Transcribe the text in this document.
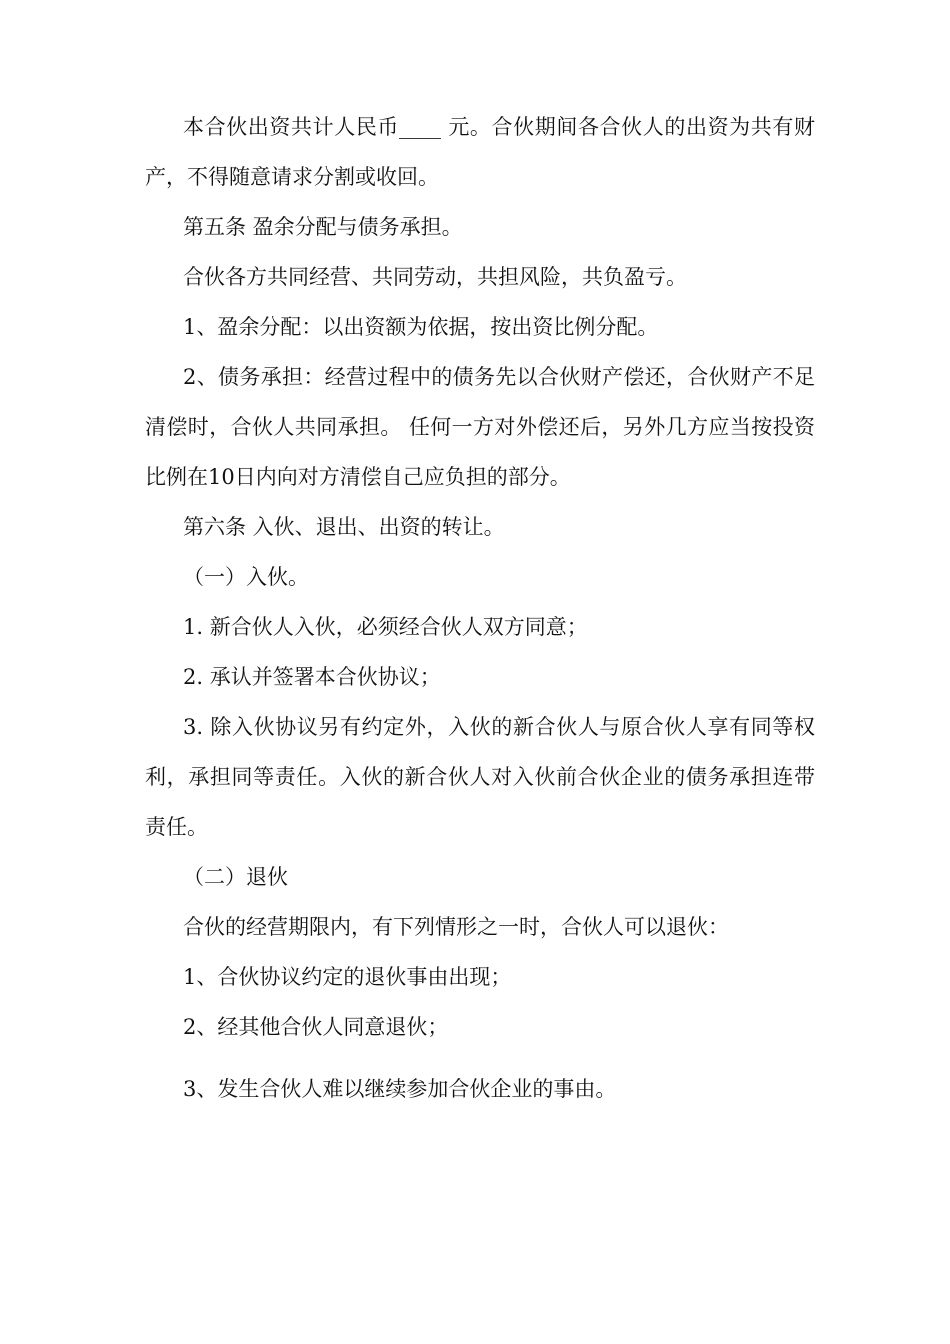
本合伙出资共计人民币____ 元。合伙期间各合伙人的出资为共有财产，不得随意请求分割或收回。

第五条 盈余分配与债务承担。

合伙各方共同经营、共同劳动，共担风险，共负盈亏。

1、盈余分配：以出资额为依据，按出资比例分配。

2、债务承担：经营过程中的债务先以合伙财产偿还，合伙财产不足清偿时，合伙人共同承担。 任何一方对外偿还后，另外几方应当按投资比例在10日内向对方清偿自己应负担的部分。

第六条 入伙、退出、出资的转让。

（一）入伙。

1. 新合伙人入伙，必须经合伙人双方同意；

2. 承认并签署本合伙协议；

3. 除入伙协议另有约定外，入伙的新合伙人与原合伙人享有同等权利，承担同等责任。入伙的新合伙人对入伙前合伙企业的债务承担连带责任。

（二）退伙

合伙的经营期限内，有下列情形之一时，合伙人可以退伙：

1、合伙协议约定的退伙事由出现；

2、经其他合伙人同意退伙；

3、发生合伙人难以继续参加合伙企业的事由。
